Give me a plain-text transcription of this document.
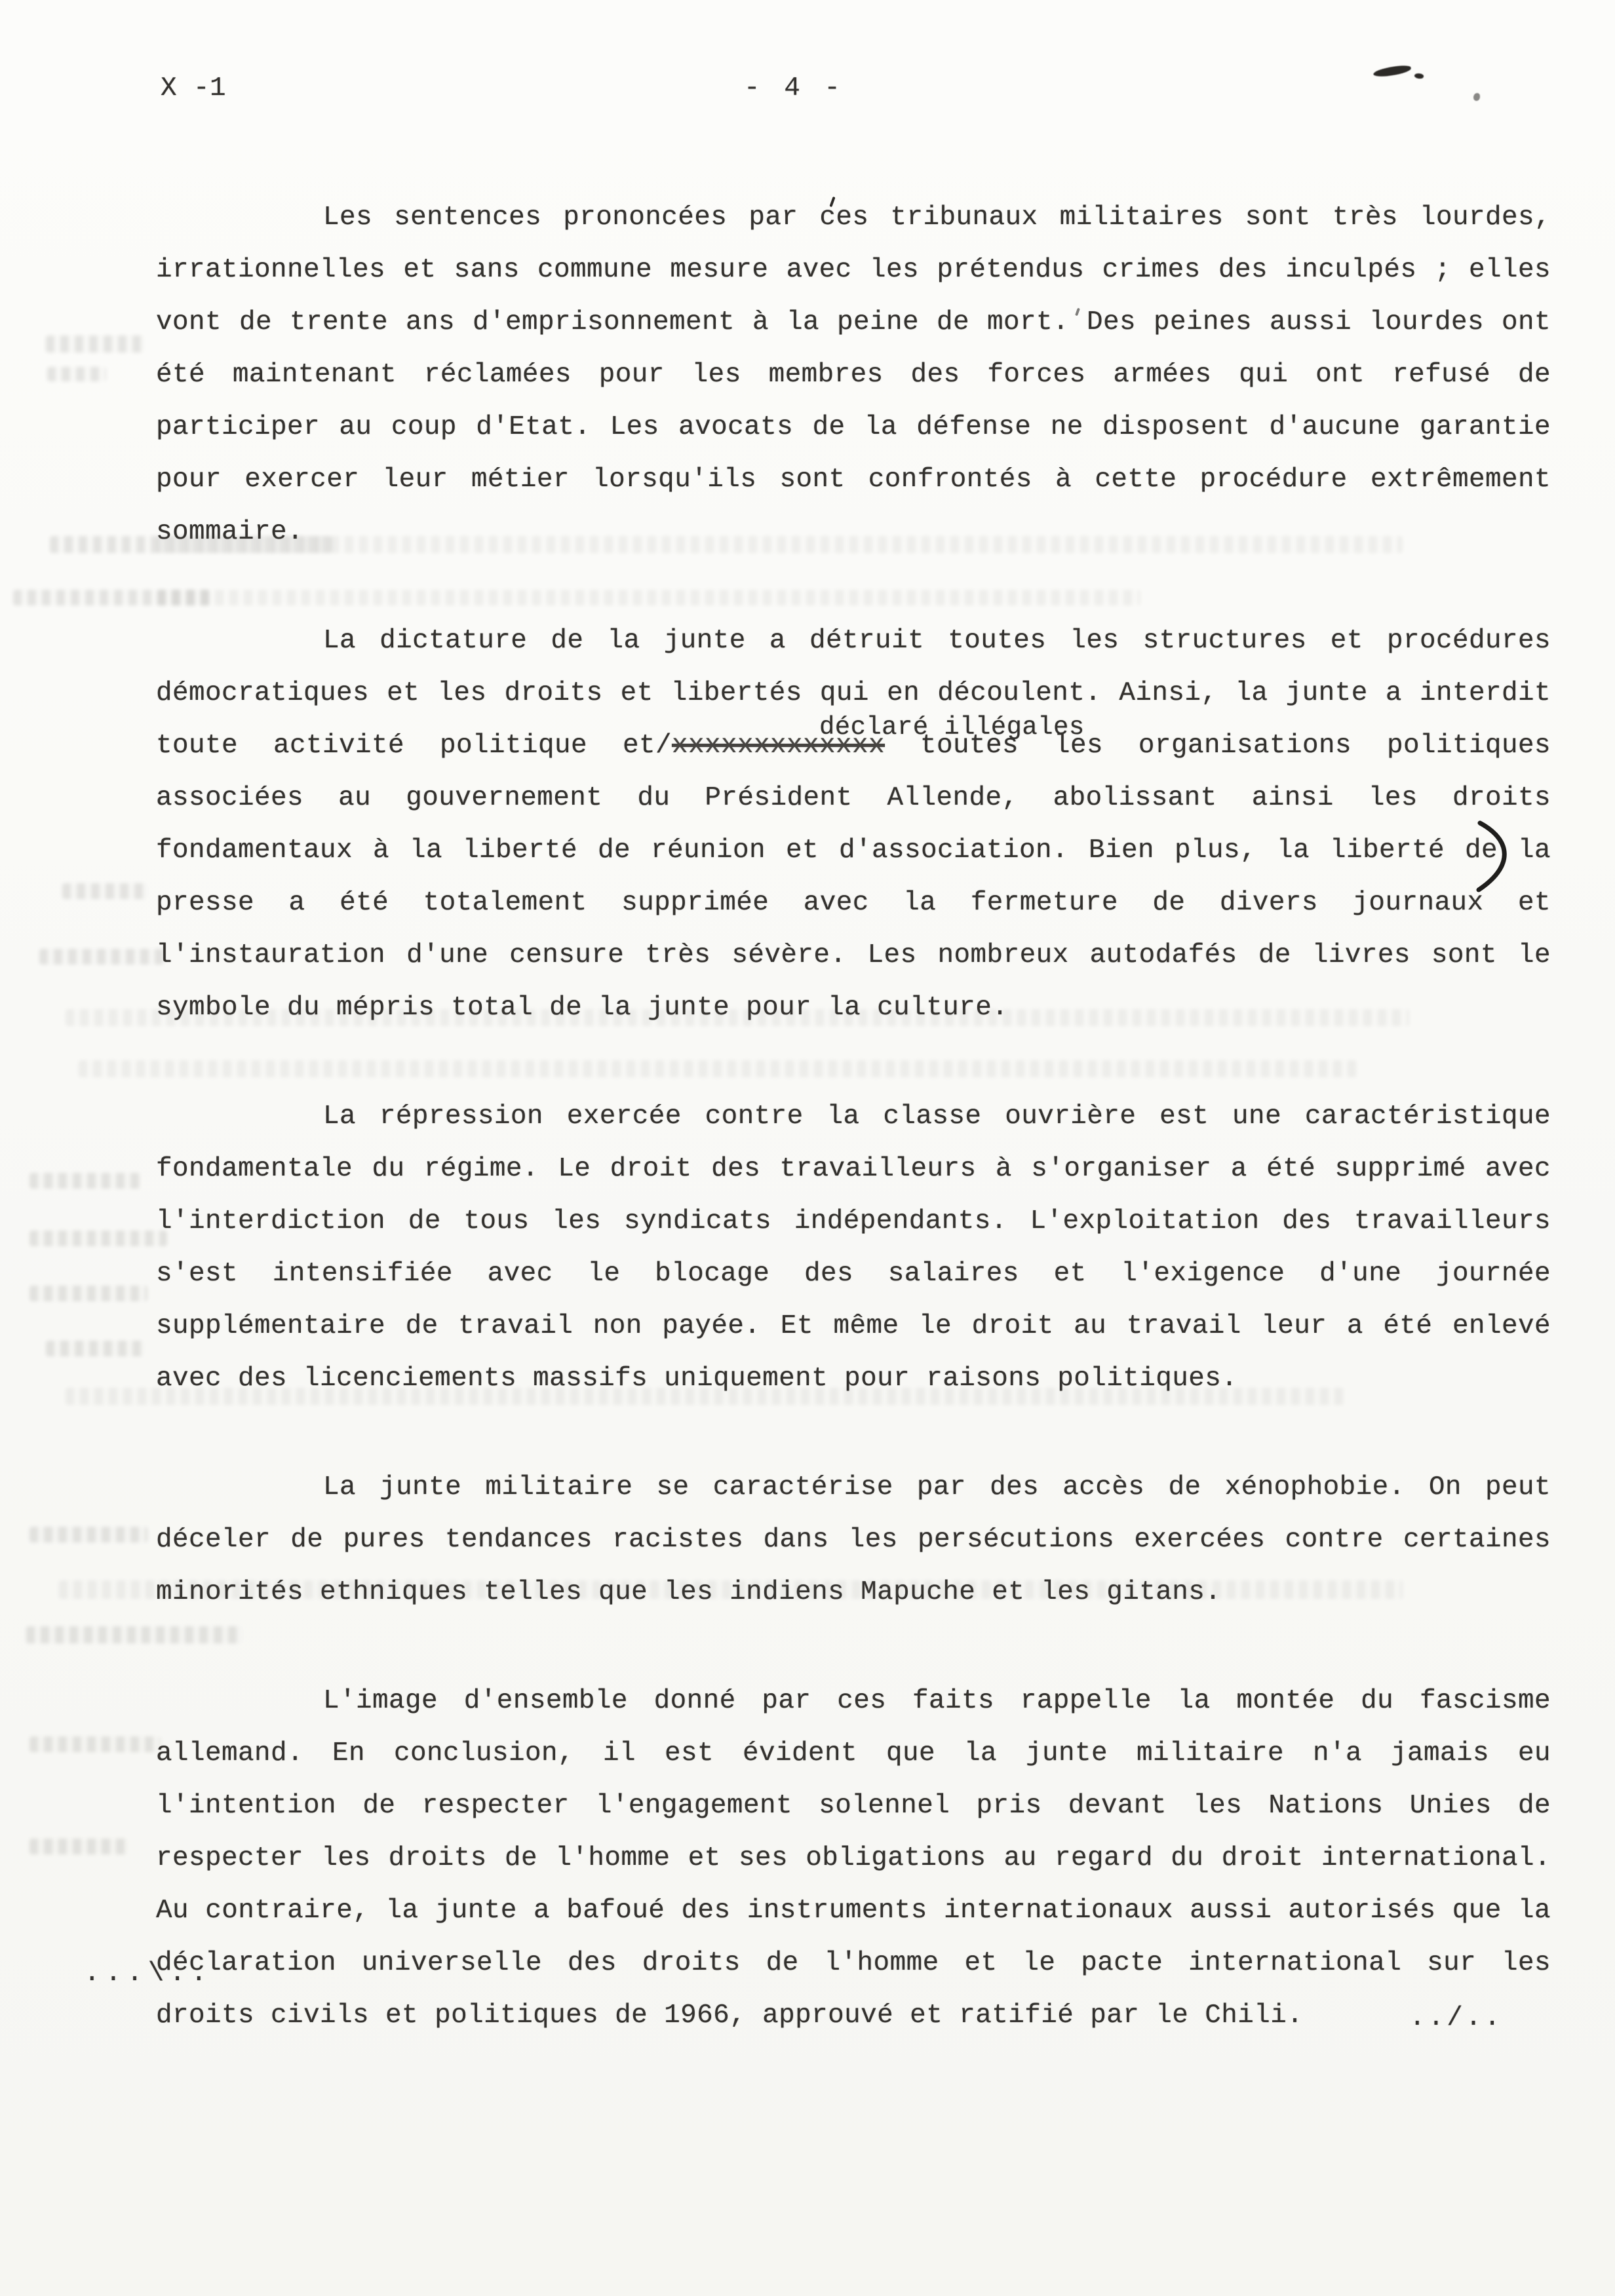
X -1	- 4 -

Les sentences prononcées par ces tribunaux militaires sont très lourdes, irrationnelles et sans commune mesure avec les prétendus crimes des inculpés ; elles vont de trente ans d'emprisonnement à la peine de mort. Des peines aussi lourdes ont été maintenant réclamées pour les membres des forces armées qui ont refusé de participer au coup d'Etat. Les avocats de la défense ne disposent d'aucune garantie pour exercer leur métier lorsqu'ils sont confrontés à cette procédure extrêmement sommaire.

La dictature de la junte a détruit toutes les structures et procédures démocratiques et les droits et libertés qui en découlent. Ainsi, la junte a interdit toute activité politique et/xxxxxxxxxxxxx
déclaré illégales
toutes les organisations politiques associées au gouvernement du Président Allende, abolissant ainsi les droits fondamentaux à la liberté de réunion et d'association. Bien plus, la liberté de la presse a été totalement supprimée avec la fermeture de divers journaux et l'instauration d'une censure très sévère. Les nombreux autodafés de livres sont le symbole du mépris total de la junte pour la culture.

La répression exercée contre la classe ouvrière est une caractéristique fondamentale du régime. Le droit des travailleurs à s'organiser a été supprimé avec l'interdiction de tous les syndicats indépendants. L'exploitation des travailleurs s'est intensifiée avec le blocage des salaires et l'exigence d'une journée supplémentaire de travail non payée. Et même le droit au travail leur a été enlevé avec des licenciements massifs uniquement pour raisons politiques.

La junte militaire se caractérise par des accès de xénophobie. On peut déceler de pures tendances racistes dans les persécutions exercées contre certaines minorités ethniques telles que les indiens Mapuche et les gitans.

L'image d'ensemble donné par ces faits rappelle la montée du fascisme allemand. En conclusion, il est évident que la junte militaire n'a jamais eu l'intention de respecter l'engagement solennel pris devant les Nations Unies de respecter les droits de l'homme et ses obligations au regard du droit international. Au contraire, la junte a bafoué des instruments internationaux aussi autorisés que la déclaration universelle des droits de l'homme et le pacte international sur les droits civils et politiques de 1966, approuvé et ratifié par le Chili.

...\..
../..
